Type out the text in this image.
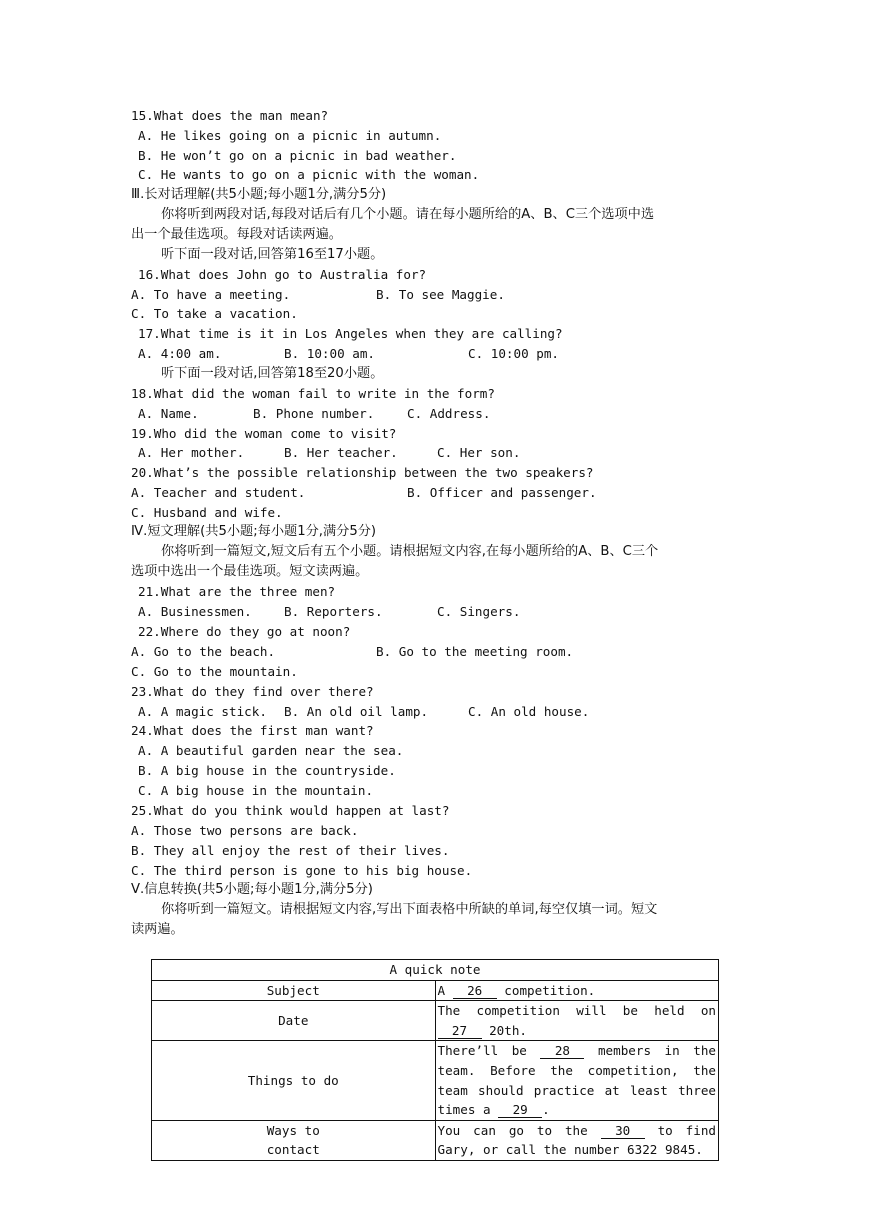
15.What does the man mean?
A. He likes going on a picnic in autumn.
B. He won’t go on a picnic in bad weather.
C. He wants to go on a picnic with the woman.
Ⅲ.长对话理解(共5小题;每小题1分,满分5分)
你将听到两段对话,每段对话后有几个小题。请在每小题所给的A、B、C三个选项中选
出一个最佳选项。每段对话读两遍。
听下面一段对话,回答第16至17小题。
16.What does John go to Australia for?
A. To have a meeting.	B. To see Maggie.
C. To take a vacation.
17.What time is it in Los Angeles when they are calling?
A. 4:00 am.	B. 10:00 am.	C. 10:00 pm.
听下面一段对话,回答第18至20小题。
18.What did the woman fail to write in the form?
A. Name.	B. Phone number.	C. Address.
19.Who did the woman come to visit?
A. Her mother.	B. Her teacher.	C. Her son.
20.What’s the possible relationship between the two speakers?
A. Teacher and student.	B. Officer and passenger.
C. Husband and wife.
Ⅳ.短文理解(共5小题;每小题1分,满分5分)
你将听到一篇短文,短文后有五个小题。请根据短文内容,在每小题所给的A、B、C三个
选项中选出一个最佳选项。短文读两遍。
21.What are the three men?
A. Businessmen.	B. Reporters.	C. Singers.
22.Where do they go at noon?
A. Go to the beach.	B. Go to the meeting room.
C. Go to the mountain.
23.What do they find over there?
A. A magic stick. B. An old oil lamp.	C. An old house.
24.What does the first man want?
A. A beautiful garden near the sea.
B. A big house in the countryside.
C. A big house in the mountain.
25.What do you think would happen at last?
A. Those two persons are back.
B. They all enjoy the rest of their lives.
C. The third person is gone to his big house.
Ⅴ.信息转换(共5小题;每小题1分,满分5分)
你将听到一篇短文。请根据短文内容,写出下面表格中所缺的单词,每空仅填一词。短文
读两遍。
A quick note	
Subject	A 26 competition.
Date	The competition will be held on 27 20th.
Things to do	There’ll be 28 members in the team. Before the competition, the team should practice at least three times a 29 .
Ways to
contact	You can go to the 30 to find Gary, or call the number 6322 9845.
